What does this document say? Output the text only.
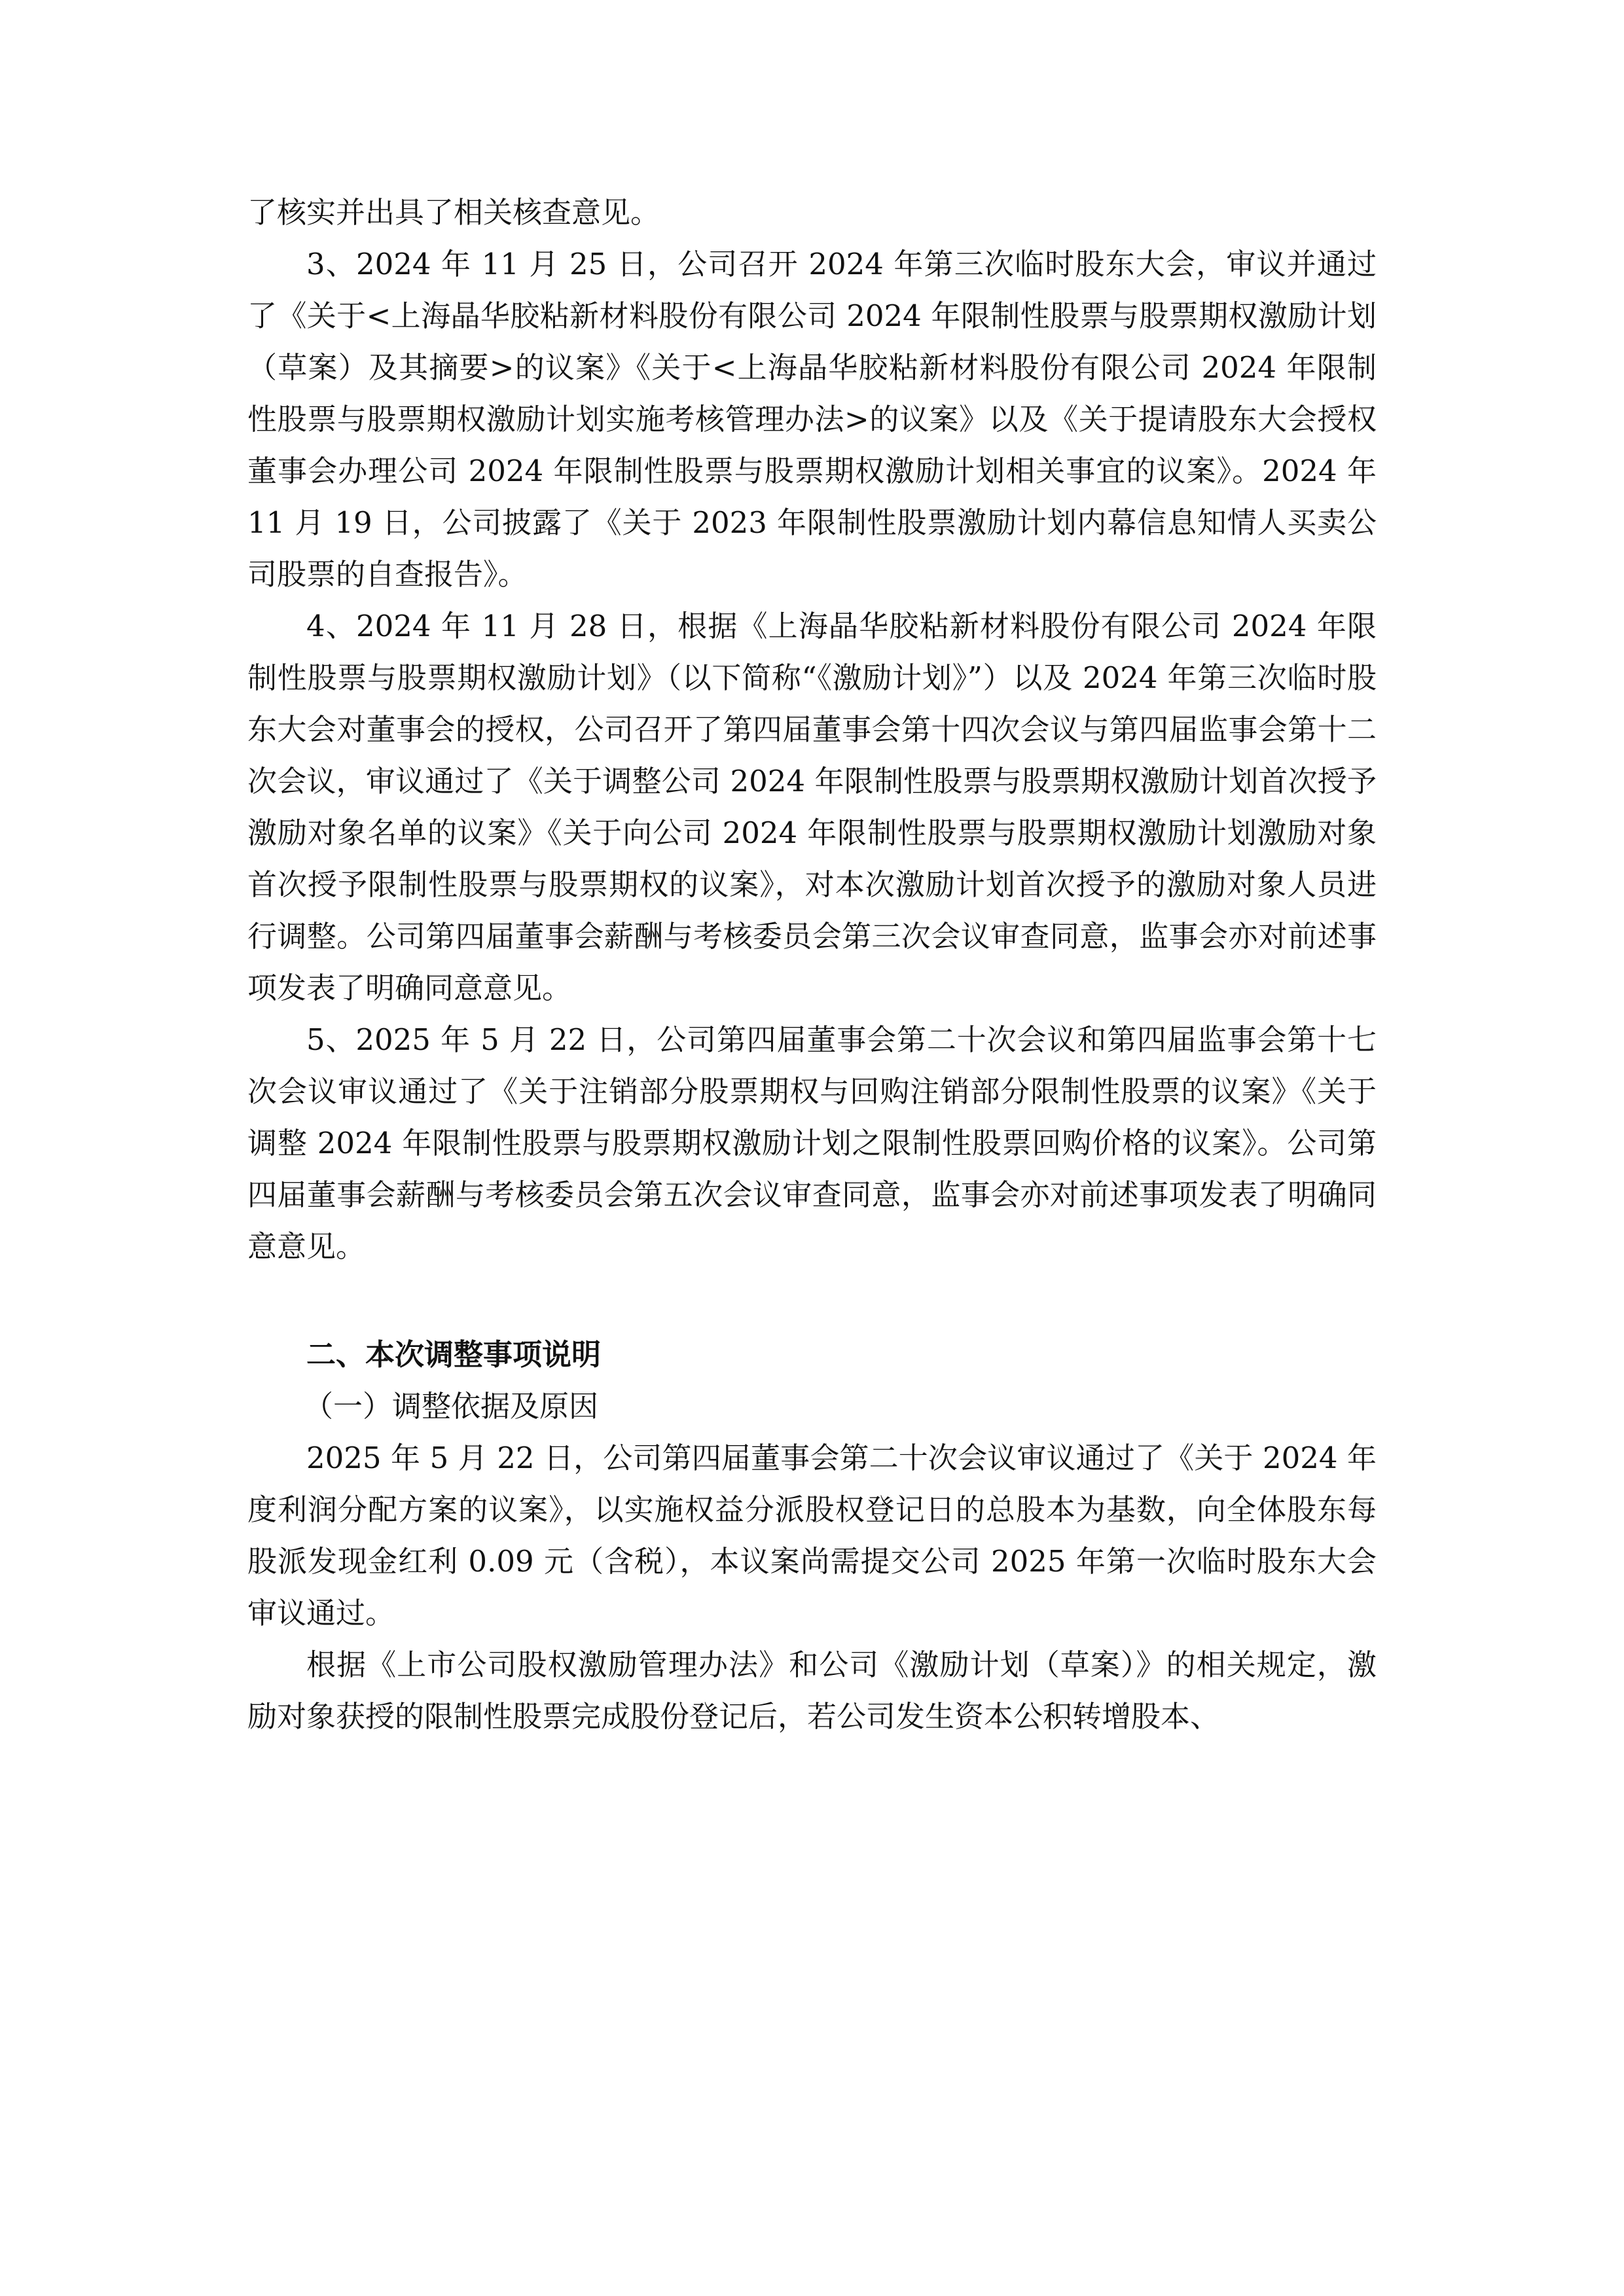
了核实并出具了相关核查意见。

3、2024 年 11 月 25 日，公司召开 2024 年第三次临时股东大会，审议并通过了《关于<上海晶华胶粘新材料股份有限公司 2024 年限制性股票与股票期权激励计划（草案）及其摘要>的议案》《关于<上海晶华胶粘新材料股份有限公司 2024 年限制性股票与股票期权激励计划实施考核管理办法>的议案》以及《关于提请股东大会授权董事会办理公司 2024 年限制性股票与股票期权激励计划相关事宜的议案》。2024 年 11 月 19 日，公司披露了《关于 2023 年限制性股票激励计划内幕信息知情人买卖公司股票的自查报告》。

4、2024 年 11 月 28 日，根据《上海晶华胶粘新材料股份有限公司 2024 年限制性股票与股票期权激励计划》（以下简称“《激励计划》”）以及 2024 年第三次临时股东大会对董事会的授权，公司召开了第四届董事会第十四次会议与第四届监事会第十二次会议，审议通过了《关于调整公司 2024 年限制性股票与股票期权激励计划首次授予激励对象名单的议案》《关于向公司 2024 年限制性股票与股票期权激励计划激励对象首次授予限制性股票与股票期权的议案》，对本次激励计划首次授予的激励对象人员进行调整。公司第四届董事会薪酬与考核委员会第三次会议审查同意，监事会亦对前述事项发表了明确同意意见。

5、2025 年 5 月 22 日，公司第四届董事会第二十次会议和第四届监事会第十七次会议审议通过了《关于注销部分股票期权与回购注销部分限制性股票的议案》《关于调整 2024 年限制性股票与股票期权激励计划之限制性股票回购价格的议案》。公司第四届董事会薪酬与考核委员会第五次会议审查同意，监事会亦对前述事项发表了明确同意意见。

二、本次调整事项说明

（一）调整依据及原因

2025 年 5 月 22 日，公司第四届董事会第二十次会议审议通过了《关于 2024 年度利润分配方案的议案》，以实施权益分派股权登记日的总股本为基数，向全体股东每股派发现金红利 0.09 元（含税），本议案尚需提交公司 2025 年第一次临时股东大会审议通过。

根据《上市公司股权激励管理办法》和公司《激励计划（草案）》的相关规定，激励对象获授的限制性股票完成股份登记后，若公司发生资本公积转增股本、
